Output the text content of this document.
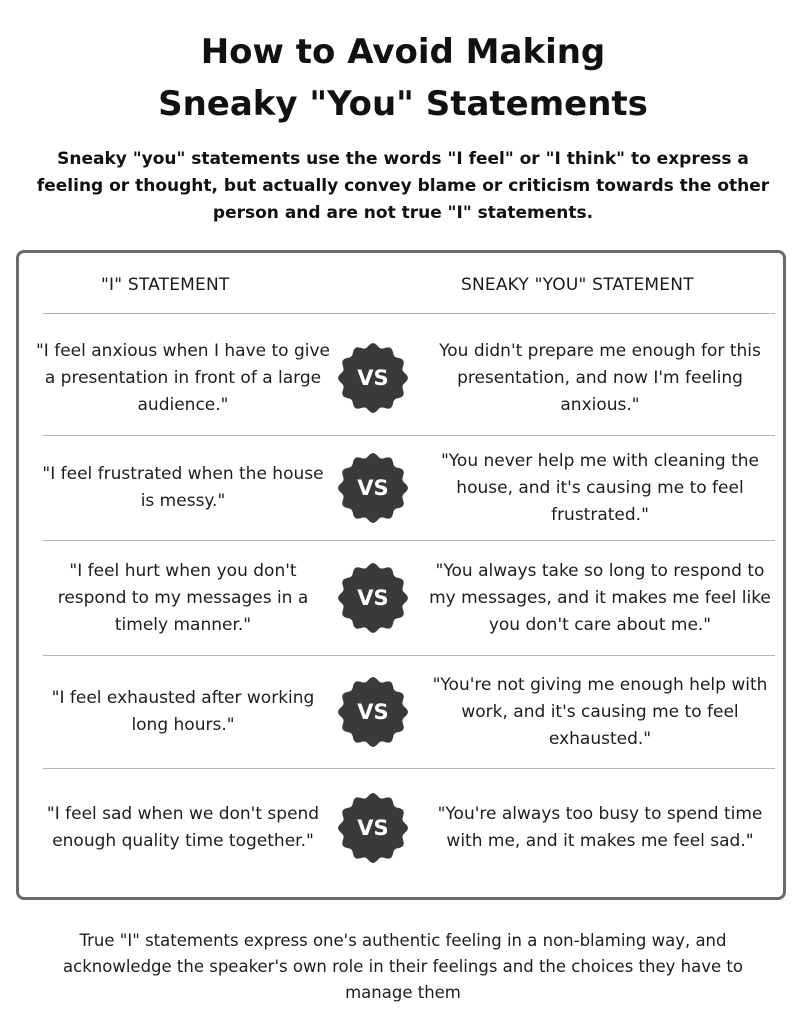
How to Avoid Making
Sneaky "You" Statements

Sneaky "you" statements use the words "I feel" or "I think" to express a feeling or thought, but actually convey blame or criticism towards the other person and are not true "I" statements.

"I" STATEMENT	SNEAKY "YOU" STATEMENT
"I feel anxious when I have to give a presentation in front of a large audience."
VS
You didn't prepare me enough for this presentation, and now I'm feeling anxious."
"I feel frustrated when the house is messy."
VS
"You never help me with cleaning the house, and it's causing me to feel frustrated."
"I feel hurt when you don't respond to my messages in a timely manner."
VS
"You always take so long to respond to my messages, and it makes me feel like you don't care about me."
"I feel exhausted after working long hours."
VS
"You're not giving me enough help with work, and it's causing me to feel exhausted."
"I feel sad when we don't spend enough quality time together."
VS
"You're always too busy to spend time with me, and it makes me feel sad."

True "I" statements express one's authentic feeling in a non-blaming way, and acknowledge the speaker's own role in their feelings and the choices they have to manage them
